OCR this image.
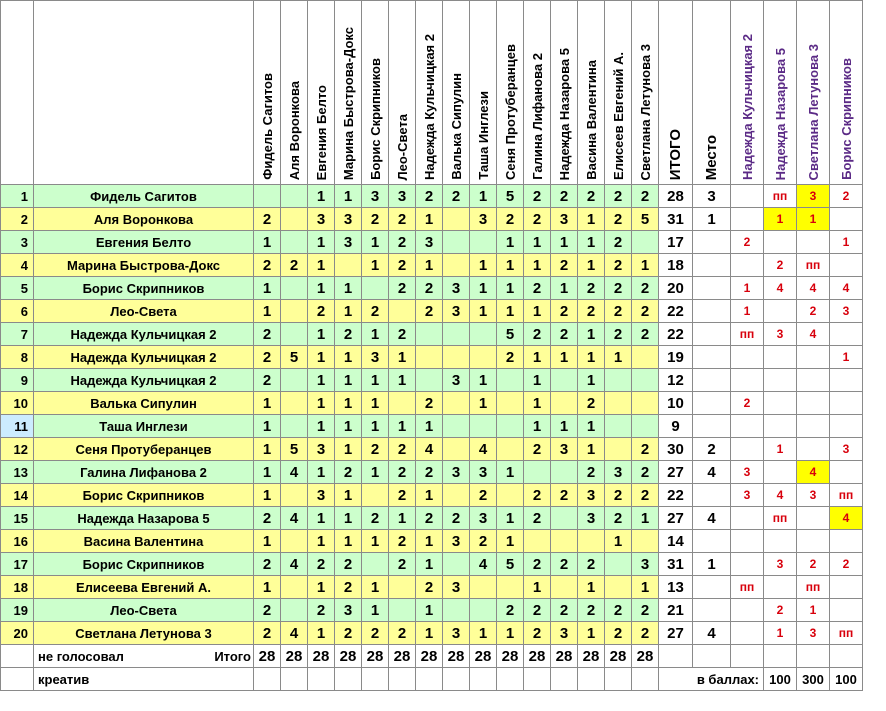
		Фидель Сагитов	Аля Воронкова	Евгения Белто	Марина Быстрова-Докс	Борис Скрипников	Лео-Света	Надежда Кульчицкая 2	Валька Сипулин	Таша Инглези	Сеня Протуберанцев	Галина Лифанова 2	Надежда Назарова 5	Васина Валентина	Елисеев Евгений А.	Светлана Летунова 3	ИТОГО	Место	Надежда Кульчицкая 2	Надежда Назарова 5	Светлана Летунова 3	Борис Скрипников
1	Фидель Сагитов			1	1	3	3	2	2	1	5	2	2	2	2	2	28	3		пп	3	2
2	Аля Воронкова	2		3	3	2	2	1		3	2	2	3	1	2	5	31	1		1	1	
3	Евгения Белто	1		1	3	1	2	3			1	1	1	1	2		17		2			1
4	Марина Быстрова-Докс	2	2	1		1	2	1		1	1	1	2	1	2	1	18			2	пп	
5	Борис Скрипников	1		1	1		2	2	3	1	1	2	1	2	2	2	20		1	4	4	4
6	Лео-Света	1		2	1	2		2	3	1	1	1	2	2	2	2	22		1		2	3
7	Надежда Кульчицкая 2	2		1	2	1	2				5	2	2	1	2	2	22		пп	3	4	
8	Надежда Кульчицкая 2	2	5	1	1	3	1				2	1	1	1	1		19					1
9	Надежда Кульчицкая 2	2		1	1	1	1		3	1		1		1			12					
10	Валька Сипулин	1		1	1	1		2		1		1		2			10		2			
11	Таша Инглези	1		1	1	1	1	1				1	1	1			9					
12	Сеня Протуберанцев	1	5	3	1	2	2	4		4		2	3	1		2	30	2		1		3
13	Галина Лифанова 2	1	4	1	2	1	2	2	3	3	1			2	3	2	27	4	3		4	
14	Борис Скрипников	1		3	1		2	1		2		2	2	3	2	2	22		3	4	3	пп
15	Надежда Назарова 5	2	4	1	1	2	1	2	2	3	1	2		3	2	1	27	4		пп		4
16	Васина Валентина	1		1	1	1	2	1	3	2	1				1		14					
17	Борис Скрипников	2	4	2	2		2	1		4	5	2	2	2		3	31	1		3	2	2
18	Елисеева Евгений А.	1		1	2	1		2	3			1		1		1	13		пп		пп	
19	Лео-Света	2		2	3	1		1			2	2	2	2	2	2	21			2	1	
20	Светлана Летунова 3	2	4	1	2	2	2	1	3	1	1	2	3	1	2	2	27	4		1	3	пп
	не голосовал Итого	28	28	28	28	28	28	28	28	28	28	28	28	28	28	28						
	креатив																в баллах:			100	300	100
